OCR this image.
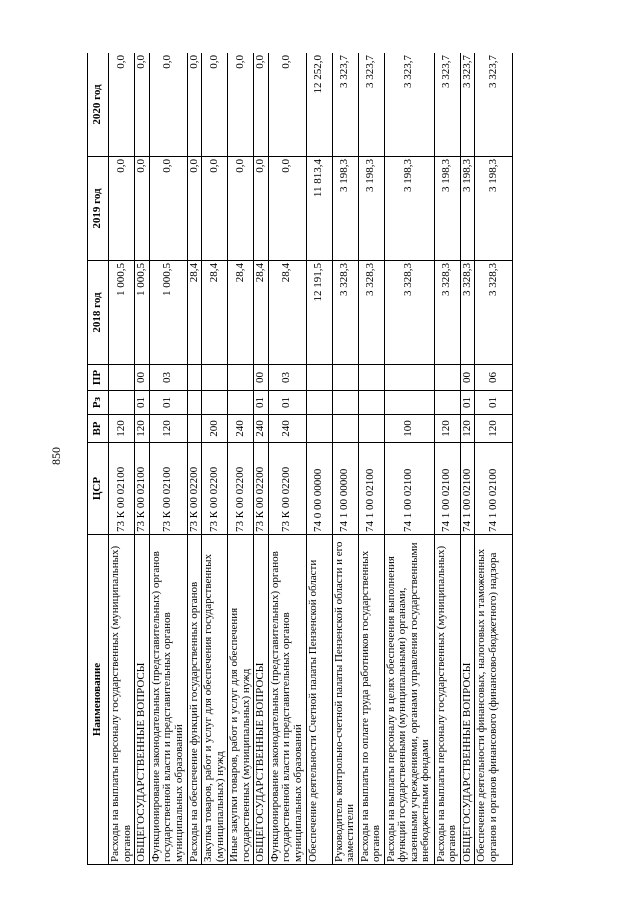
850
Наименование	ЦСР	ВР	Рз	ПР	2018 год	2019 год	2020 год
Расходы на выплаты персоналу государственных (муниципальных) органов	73 К 00 02100	120			1 000,5	0,0	0,0
ОБЩЕГОСУДАРСТВЕННЫЕ ВОПРОСЫ	73 К 00 02100	120	01	00	1 000,5	0,0	0,0
Функционирование законодательных (представительных) органов государственной власти и представительных органов муниципальных образований	73 К 00 02100	120	01	03	1 000,5	0,0	0,0
Расходы на обеспечение функций государственных органов	73 К 00 02200				28,4	0,0	0,0
Закупка товаров, работ и услуг для обеспечения государственных (муниципальных) нужд	73 К 00 02200	200			28,4	0,0	0,0
Иные закупки товаров, работ и услуг для обеспечения государственных (муниципальных) нужд	73 К 00 02200	240			28,4	0,0	0,0
ОБЩЕГОСУДАРСТВЕННЫЕ ВОПРОСЫ	73 К 00 02200	240	01	00	28,4	0,0	0,0
Функционирование законодательных (представительных) органов государственной власти и представительных органов муниципальных образований	73 К 00 02200	240	01	03	28,4	0,0	0,0
Обеспечение деятельности Счетной палаты Пензенской области	74 0 00 00000				12 191,5	11 813,4	12 252,0
Руководитель контрольно-счетной палаты Пензенской области и его заместители	74 1 00 00000				3 328,3	3 198,3	3 323,7
Расходы на выплаты по оплате труда работников государственных органов	74 1 00 02100				3 328,3	3 198,3	3 323,7
Расходы на выплаты персоналу в целях обеспечения выполнения функций государственными (муниципальными) органами, казенными учреждениями, органами управления государственными внебюджетными фондами	74 1 00 02100	100			3 328,3	3 198,3	3 323,7
Расходы на выплаты персоналу государственных (муниципальных) органов	74 1 00 02100	120			3 328,3	3 198,3	3 323,7
ОБЩЕГОСУДАРСТВЕННЫЕ ВОПРОСЫ	74 1 00 02100	120	01	00	3 328,3	3 198,3	3 323,7
Обеспечение деятельности финансовых, налоговых и таможенных органов и органов финансового (финансово-бюджетного) надзора	74 1 00 02100	120	01	06	3 328,3	3 198,3	3 323,7
